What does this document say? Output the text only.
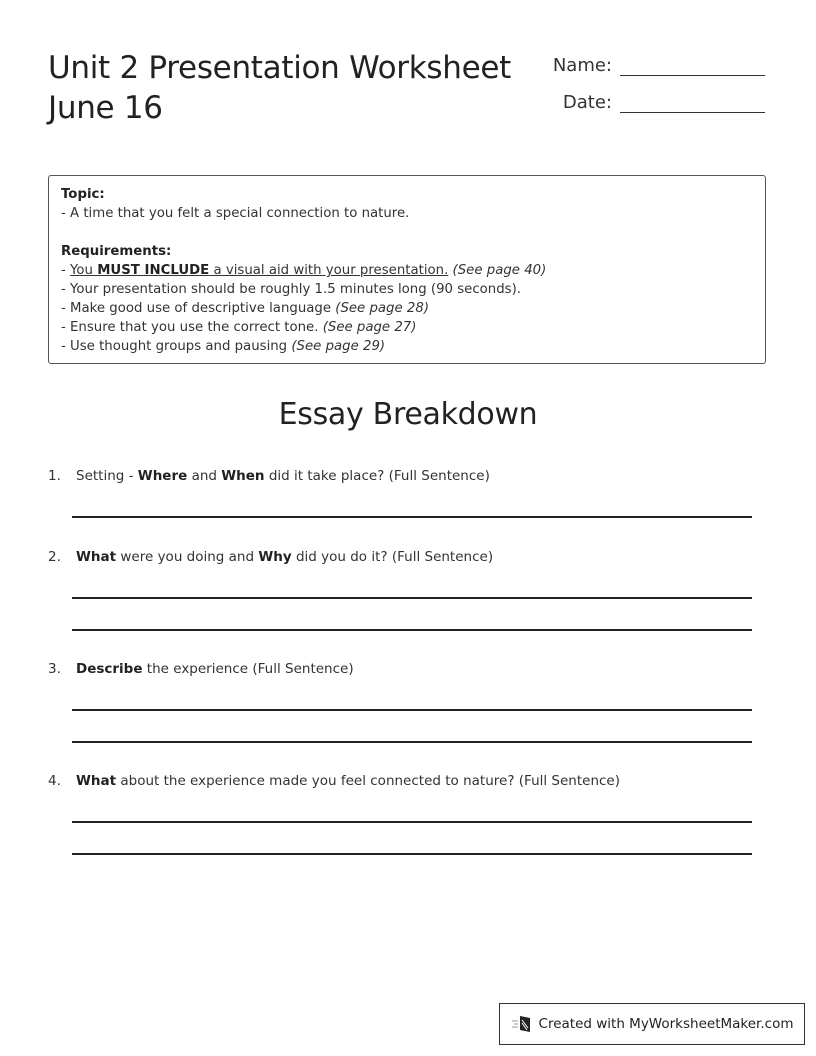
Unit 2 Presentation Worksheet
June 16
Name:
Date:
Topic:
- A time that you felt a special connection to nature.
Requirements:
- You MUST INCLUDE a visual aid with your presentation. (See page 40)
- Your presentation should be roughly 1.5 minutes long (90 seconds).
- Make good use of descriptive language (See page 28)
- Ensure that you use the correct tone. (See page 27)
- Use thought groups and pausing (See page 29)
Essay Breakdown
1. Setting - Where and When did it take place? (Full Sentence)
2. What were you doing and Why did you do it? (Full Sentence)
3. Describe the experience (Full Sentence)
4. What about the experience made you feel connected to nature? (Full Sentence)
Created with MyWorksheetMaker.com
